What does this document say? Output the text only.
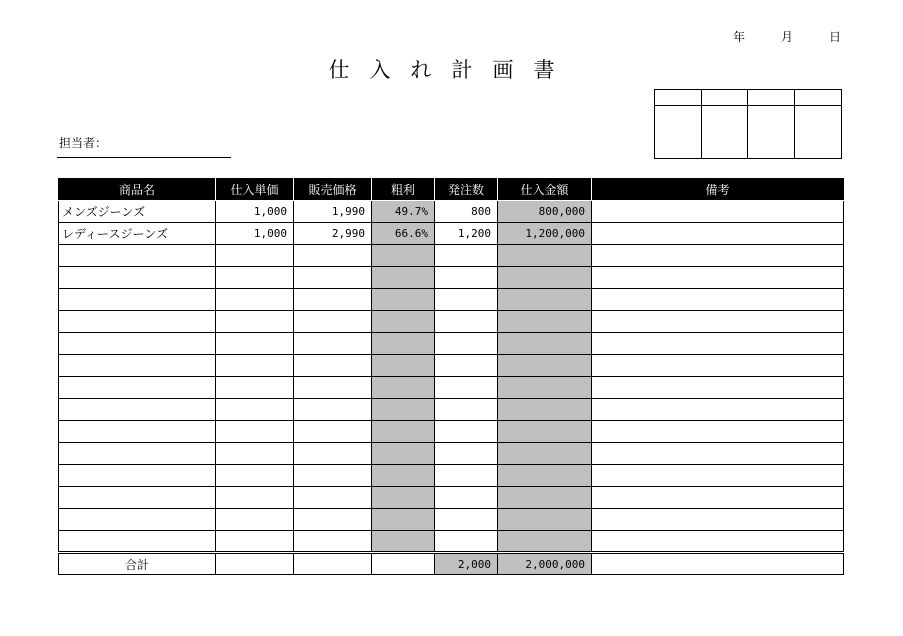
年	月	日
仕入れ計画書
担当者：
商品名	仕入単価	販売価格	粗利	発注数	仕入金額	備考
メンズジーンズ	1,000	1,990	49.7%	800	800,000	
レディースジーンズ	1,000	2,990	66.6%	1,200	1,200,000	

合計				2,000	2,000,000	
